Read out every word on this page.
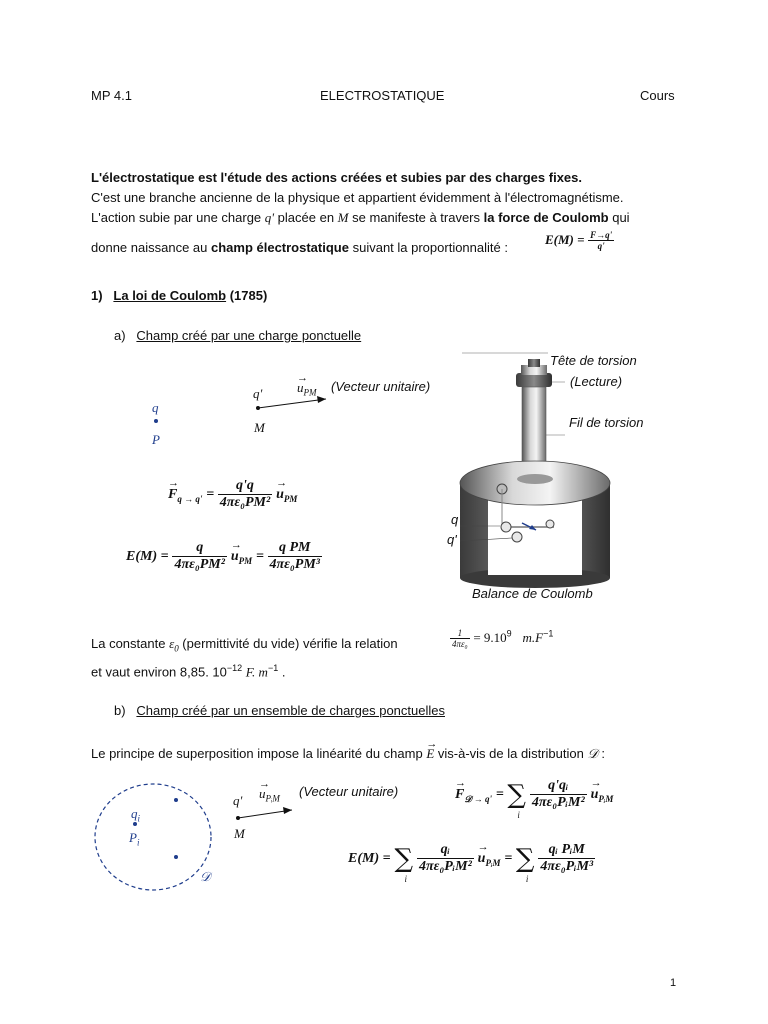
MP 4.1	ELECTROSTATIQUE	Cours
L'électrostatique est l'étude des actions créées et subies par des charges fixes.
C'est une branche ancienne de la physique et appartient évidemment à l'électromagnétisme.
L'action subie par une charge q' placée en M se manifeste à travers la force de Coulomb qui
donne naissance au champ électrostatique suivant la proportionnalité :
$E(M) = \frac{F\to q'}{q'}$
1) La loi de Coulomb (1785)
a) Champ créé par une charge ponctuelle
q
P
q'
M
→ $u_{PM}$ (Vecteur unitaire)
→ $F_{q \to q'} = \frac{q'q}{\text{4πε₀PM²}}$
→ $u_{PM}$
$E(M) = \frac{q}{\text{4πε₀PM²}}$
→ $u_{PM} = \frac{\text{q PM}}{\text{4πε₀PM³}}$
Tête de torsion
(Lecture)
Fil de torsion
q
q'
Balance de Coulomb
La constante $\varepsilon_0$ (permittivité du vide) vérifie la relation	$\frac{1}{\text{4πε₀}} = 9.10^9$ $m.F^{-1}$
et vaut environ 8,85. $10^{-12}$ F. $m^{-1}$ .
b) Champ créé par un ensemble de charges ponctuelles
Le principe de superposition impose la linéarité du champ → E vis-à-vis de la distribution 𝒟 :
$q_i$
$P_i$
𝒟
q'
M
→ $u_{PᵢM}$ (Vecteur unitaire)
→	$F_{𝒟 \to q'}$ = ∑
i

$\frac{\text{q'qᵢ}}{\text{4πε₀PᵢM²}}$
→ $u_{PᵢM}$
E(M) = ∑
i

$\frac{\text{qᵢ}}{\text{4πε₀PᵢM²}}$
→ $u_{PᵢM}$ = ∑
i

$\frac{\text{qᵢ PᵢM}}{\text{4πε₀PᵢM³}}$
1
